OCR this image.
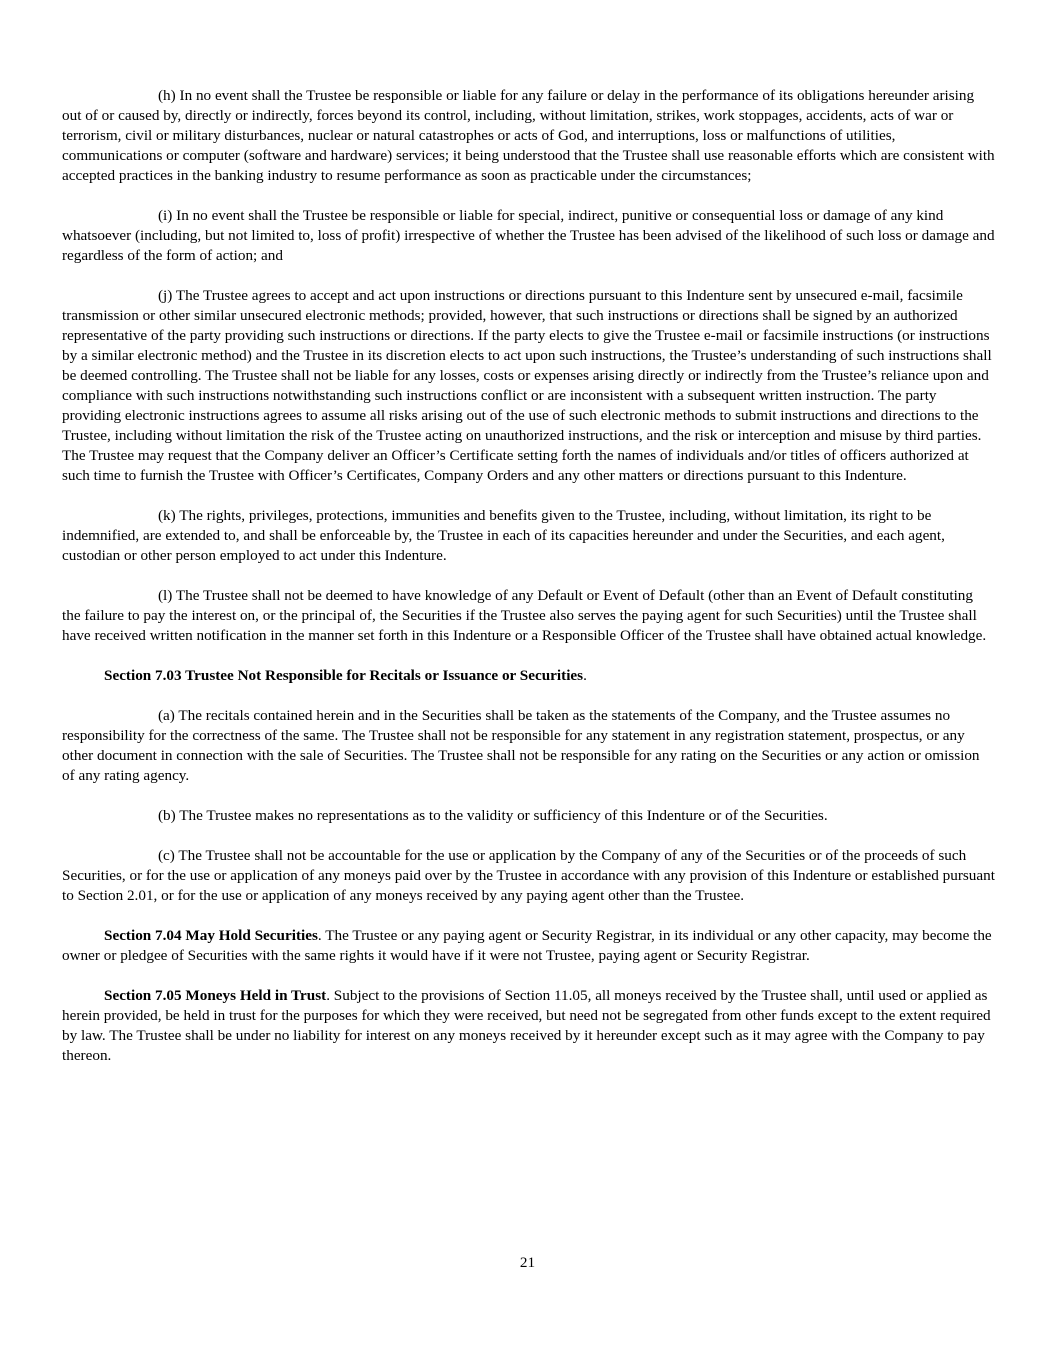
(h) In no event shall the Trustee be responsible or liable for any failure or delay in the performance of its obligations hereunder arising out of or caused by, directly or indirectly, forces beyond its control, including, without limitation, strikes, work stoppages, accidents, acts of war or terrorism, civil or military disturbances, nuclear or natural catastrophes or acts of God, and interruptions, loss or malfunctions of utilities, communications or computer (software and hardware) services; it being understood that the Trustee shall use reasonable efforts which are consistent with accepted practices in the banking industry to resume performance as soon as practicable under the circumstances;

(i) In no event shall the Trustee be responsible or liable for special, indirect, punitive or consequential loss or damage of any kind whatsoever (including, but not limited to, loss of profit) irrespective of whether the Trustee has been advised of the likelihood of such loss or damage and regardless of the form of action; and

(j) The Trustee agrees to accept and act upon instructions or directions pursuant to this Indenture sent by unsecured e-mail, facsimile transmission or other similar unsecured electronic methods; provided, however, that such instructions or directions shall be signed by an authorized representative of the party providing such instructions or directions. If the party elects to give the Trustee e-mail or facsimile instructions (or instructions by a similar electronic method) and the Trustee in its discretion elects to act upon such instructions, the Trustee’s understanding of such instructions shall be deemed controlling. The Trustee shall not be liable for any losses, costs or expenses arising directly or indirectly from the Trustee’s reliance upon and compliance with such instructions notwithstanding such instructions conflict or are inconsistent with a subsequent written instruction. The party providing electronic instructions agrees to assume all risks arising out of the use of such electronic methods to submit instructions and directions to the Trustee, including without limitation the risk of the Trustee acting on unauthorized instructions, and the risk or interception and misuse by third parties. The Trustee may request that the Company deliver an Officer’s Certificate setting forth the names of individuals and/or titles of officers authorized at such time to furnish the Trustee with Officer’s Certificates, Company Orders and any other matters or directions pursuant to this Indenture.

(k) The rights, privileges, protections, immunities and benefits given to the Trustee, including, without limitation, its right to be indemnified, are extended to, and shall be enforceable by, the Trustee in each of its capacities hereunder and under the Securities, and each agent, custodian or other person employed to act under this Indenture.

(l) The Trustee shall not be deemed to have knowledge of any Default or Event of Default (other than an Event of Default constituting the failure to pay the interest on, or the principal of, the Securities if the Trustee also serves the paying agent for such Securities) until the Trustee shall have received written notification in the manner set forth in this Indenture or a Responsible Officer of the Trustee shall have obtained actual knowledge.

Section 7.03 Trustee Not Responsible for Recitals or Issuance or Securities.

(a) The recitals contained herein and in the Securities shall be taken as the statements of the Company, and the Trustee assumes no responsibility for the correctness of the same. The Trustee shall not be responsible for any statement in any registration statement, prospectus, or any other document in connection with the sale of Securities. The Trustee shall not be responsible for any rating on the Securities or any action or omission of any rating agency.

(b) The Trustee makes no representations as to the validity or sufficiency of this Indenture or of the Securities.

(c) The Trustee shall not be accountable for the use or application by the Company of any of the Securities or of the proceeds of such Securities, or for the use or application of any moneys paid over by the Trustee in accordance with any provision of this Indenture or established pursuant to Section 2.01, or for the use or application of any moneys received by any paying agent other than the Trustee.

Section 7.04 May Hold Securities. The Trustee or any paying agent or Security Registrar, in its individual or any other capacity, may become the owner or pledgee of Securities with the same rights it would have if it were not Trustee, paying agent or Security Registrar.

Section 7.05 Moneys Held in Trust. Subject to the provisions of Section 11.05, all moneys received by the Trustee shall, until used or applied as herein provided, be held in trust for the purposes for which they were received, but need not be segregated from other funds except to the extent required by law. The Trustee shall be under no liability for interest on any moneys received by it hereunder except such as it may agree with the Company to pay thereon.

21
